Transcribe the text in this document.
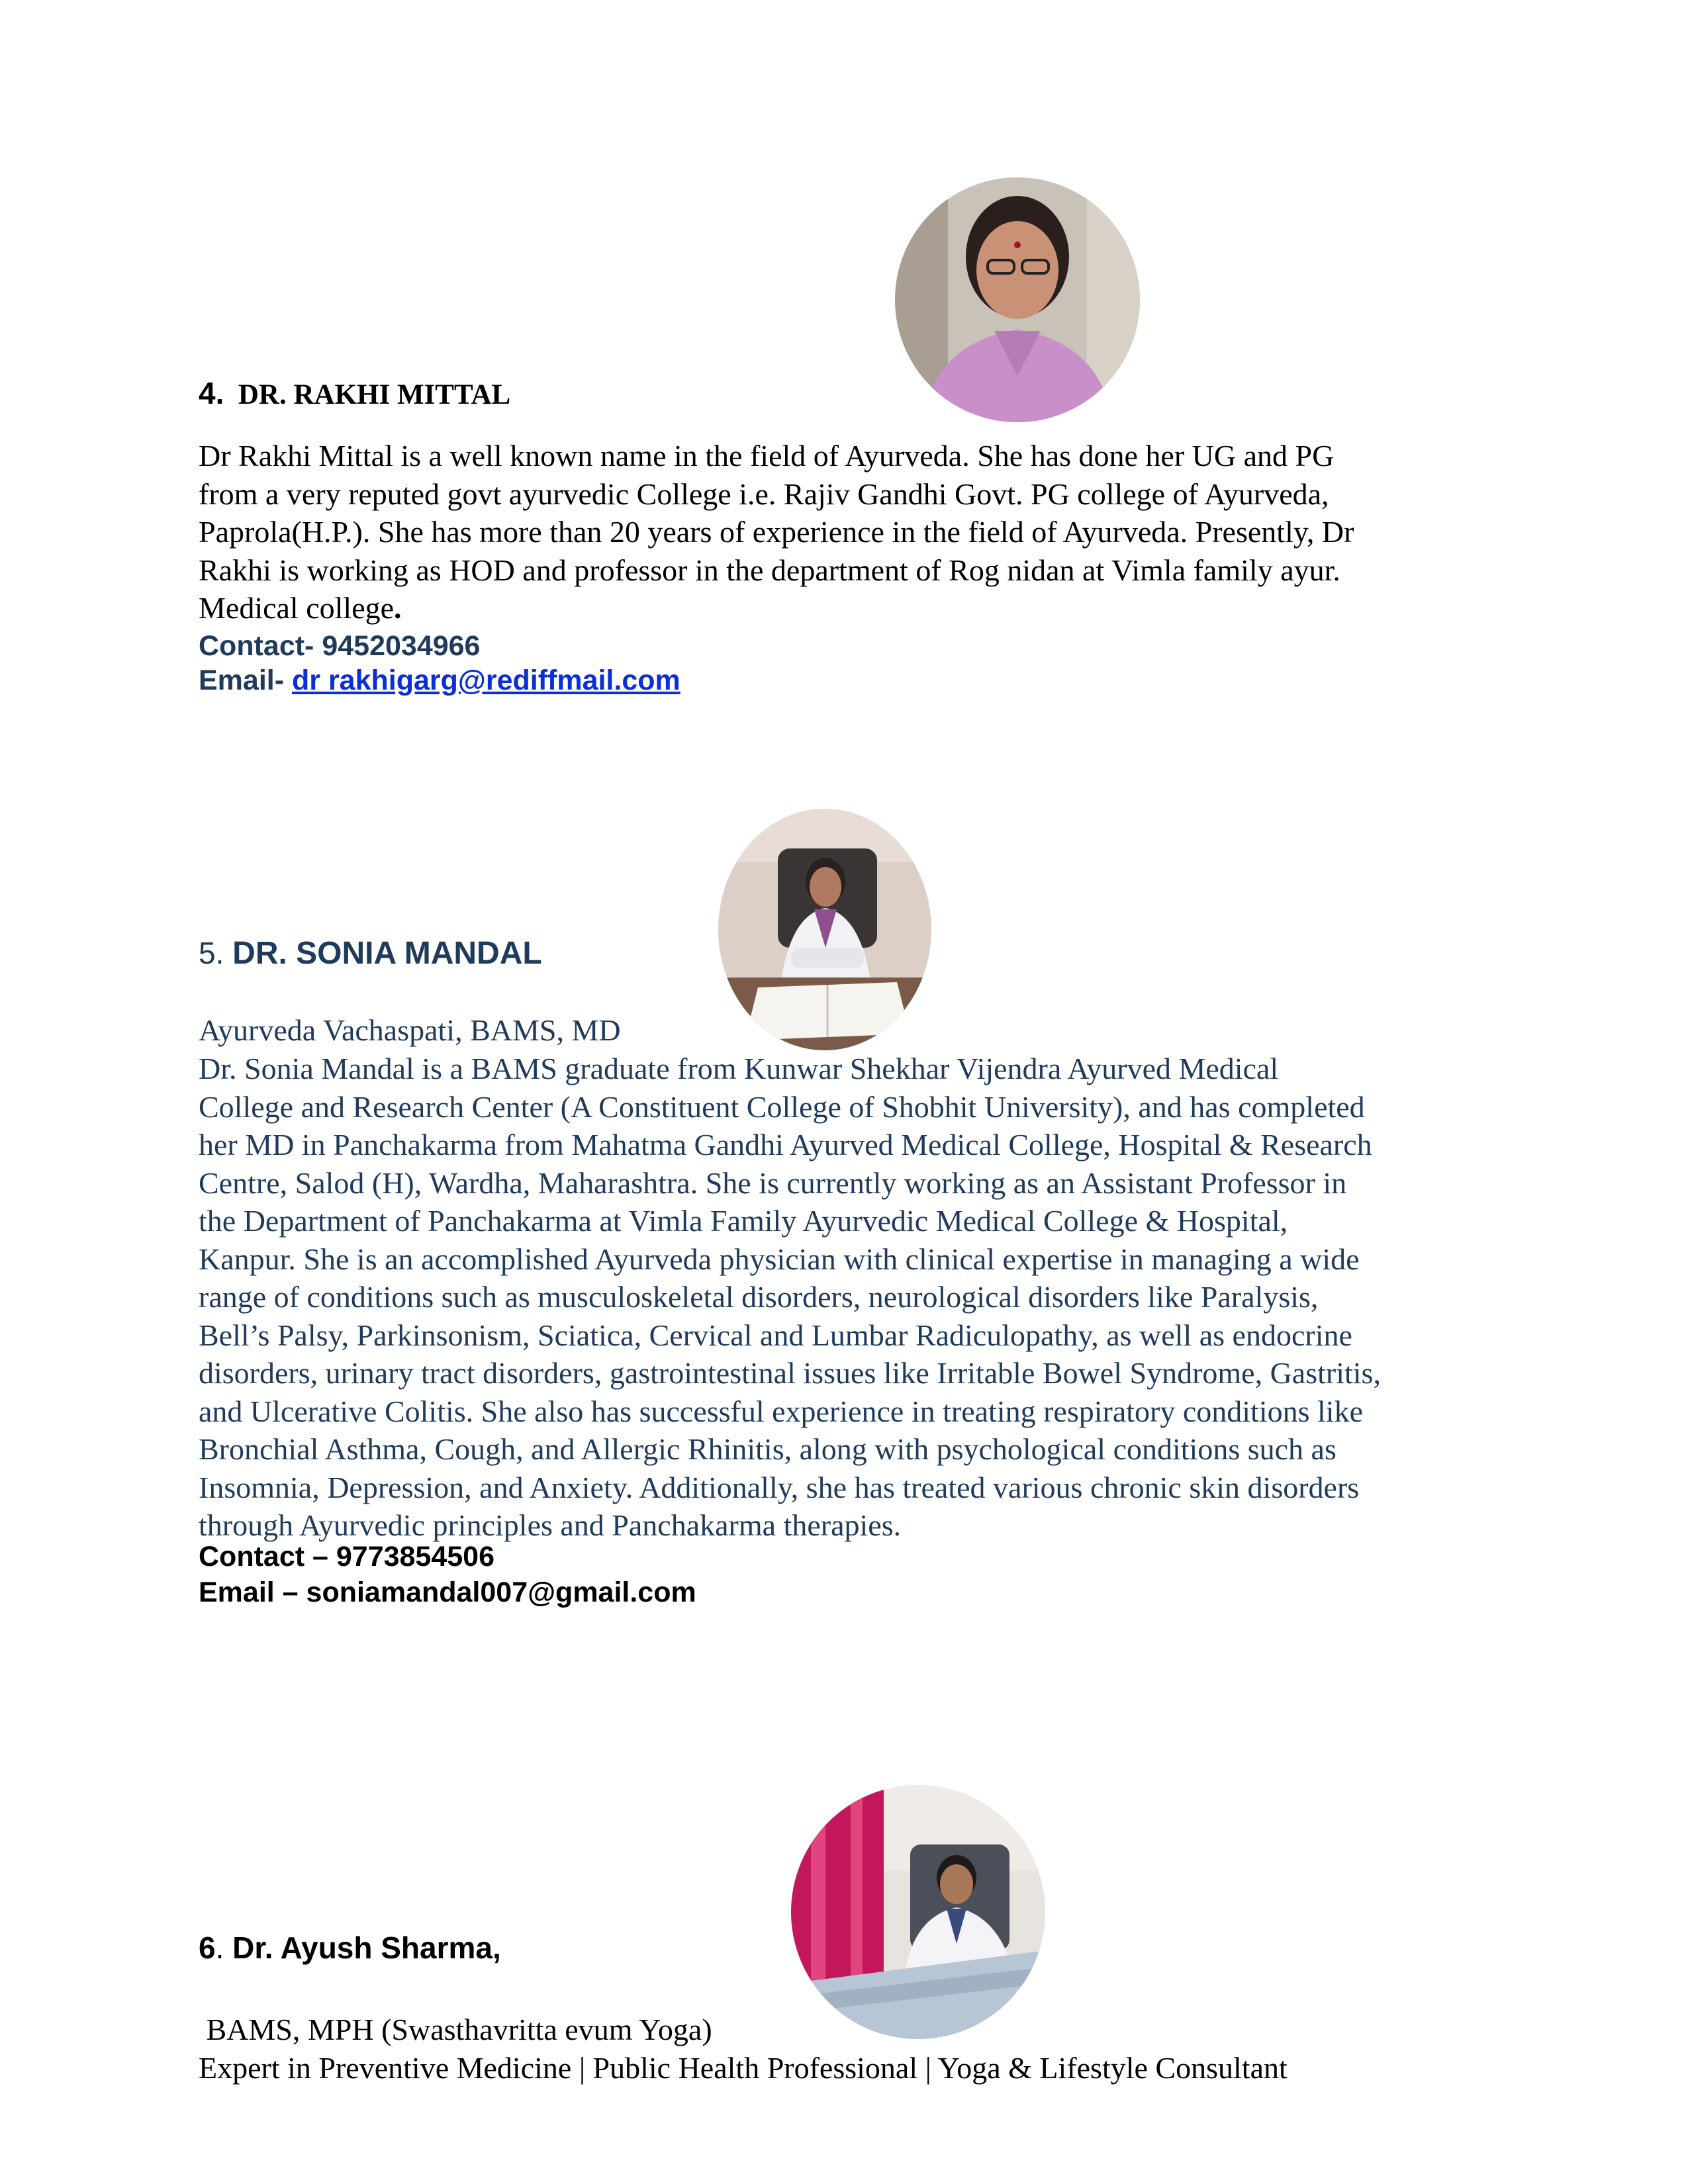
4. DR. RAKHI MITTAL
Dr Rakhi Mittal is a well known name in the field of Ayurveda. She has done her UG and PG
from a very reputed govt ayurvedic College i.e. Rajiv Gandhi Govt. PG college of Ayurveda,
Paprola(H.P.). She has more than 20 years of experience in the field of Ayurveda. Presently, Dr
Rakhi is working as HOD and professor in the department of Rog nidan at Vimla family ayur.
Medical college.
Contact- 9452034966
Email- dr rakhigarg@rediffmail.com
5. DR. SONIA MANDAL
Ayurveda Vachaspati, BAMS, MD
Dr. Sonia Mandal is a BAMS graduate from Kunwar Shekhar Vijendra Ayurved Medical
College and Research Center (A Constituent College of Shobhit University), and has completed
her MD in Panchakarma from Mahatma Gandhi Ayurved Medical College, Hospital & Research
Centre, Salod (H), Wardha, Maharashtra. She is currently working as an Assistant Professor in
the Department of Panchakarma at Vimla Family Ayurvedic Medical College & Hospital,
Kanpur. She is an accomplished Ayurveda physician with clinical expertise in managing a wide
range of conditions such as musculoskeletal disorders, neurological disorders like Paralysis,
Bell’s Palsy, Parkinsonism, Sciatica, Cervical and Lumbar Radiculopathy, as well as endocrine
disorders, urinary tract disorders, gastrointestinal issues like Irritable Bowel Syndrome, Gastritis,
and Ulcerative Colitis. She also has successful experience in treating respiratory conditions like
Bronchial Asthma, Cough, and Allergic Rhinitis, along with psychological conditions such as
Insomnia, Depression, and Anxiety. Additionally, she has treated various chronic skin disorders
through Ayurvedic principles and Panchakarma therapies.
Contact – 9773854506
Email – soniamandal007@gmail.com
6. Dr. Ayush Sharma,
BAMS, MPH (Swasthavritta evum Yoga)
Expert in Preventive Medicine | Public Health Professional | Yoga & Lifestyle Consultant
